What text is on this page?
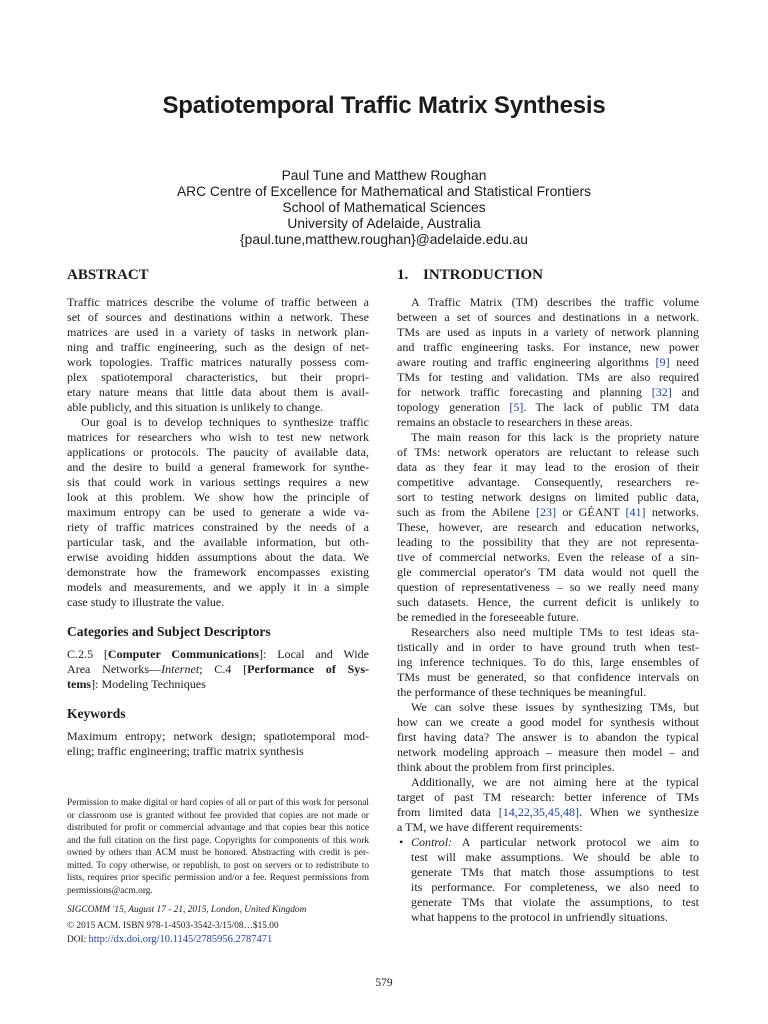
Spatiotemporal Traffic Matrix Synthesis
Paul Tune and Matthew Roughan
ARC Centre of Excellence for Mathematical and Statistical Frontiers
School of Mathematical Sciences
University of Adelaide, Australia
{paul.tune,matthew.roughan}@adelaide.edu.au
ABSTRACT
Traffic matrices describe the volume of traffic between a
set of sources and destinations within a network. These
matrices are used in a variety of tasks in network plan-
ning and traffic engineering, such as the design of net-
work topologies. Traffic matrices naturally possess com-
plex spatiotemporal characteristics, but their propri-
etary nature means that little data about them is avail-
able publicly, and this situation is unlikely to change.
Our goal is to develop techniques to synthesize traffic
matrices for researchers who wish to test new network
applications or protocols. The paucity of available data,
and the desire to build a general framework for synthe-
sis that could work in various settings requires a new
look at this problem. We show how the principle of
maximum entropy can be used to generate a wide va-
riety of traffic matrices constrained by the needs of a
particular task, and the available information, but oth-
erwise avoiding hidden assumptions about the data. We
demonstrate how the framework encompasses existing
models and measurements, and we apply it in a simple
case study to illustrate the value.
Categories and Subject Descriptors
C.2.5 [Computer Communications]: Local and Wide
Area Networks—Internet; C.4 [Performance of Sys-
tems]: Modeling Techniques
Keywords
Maximum entropy; network design; spatiotemporal mod-
eling; traffic engineering; traffic matrix synthesis
Permission to make digital or hard copies of all or part of this work for personal
or classroom use is granted without fee provided that copies are not made or
distributed for profit or commercial advantage and that copies bear this notice
and the full citation on the first page. Copyrights for components of this work
owned by others than ACM must be honored. Abstracting with credit is per-
mitted. To copy otherwise, or republish, to post on servers or to redistribute to
lists, requires prior specific permission and/or a fee. Request permissions from
permissions@acm.org.
SIGCOMM '15, August 17 - 21, 2015, London, United Kingdom
© 2015 ACM. ISBN 978-1-4503-3542-3/15/08…$15.00
DOI: http://dx.doi.org/10.1145/2785956.2787471
1. INTRODUCTION
A Traffic Matrix (TM) describes the traffic volume
between a set of sources and destinations in a network.
TMs are used as inputs in a variety of network planning
and traffic engineering tasks. For instance, new power
aware routing and traffic engineering algorithms [9] need
TMs for testing and validation. TMs are also required
for network traffic forecasting and planning [32] and
topology generation [5]. The lack of public TM data
remains an obstacle to researchers in these areas.
The main reason for this lack is the propriety nature
of TMs: network operators are reluctant to release such
data as they fear it may lead to the erosion of their
competitive advantage. Consequently, researchers re-
sort to testing network designs on limited public data,
such as from the Abilene [23] or GÉANT [41] networks.
These, however, are research and education networks,
leading to the possibility that they are not representa-
tive of commercial networks. Even the release of a sin-
gle commercial operator's TM data would not quell the
question of representativeness – so we really need many
such datasets. Hence, the current deficit is unlikely to
be remedied in the foreseeable future.
Researchers also need multiple TMs to test ideas sta-
tistically and in order to have ground truth when test-
ing inference techniques. To do this, large ensembles of
TMs must be generated, so that confidence intervals on
the performance of these techniques be meaningful.
We can solve these issues by synthesizing TMs, but
how can we create a good model for synthesis without
first having data? The answer is to abandon the typical
network modeling approach – measure then model – and
think about the problem from first principles.
Additionally, we are not aiming here at the typical
target of past TM research: better inference of TMs
from limited data [14,22,35,45,48]. When we synthesize
a TM, we have different requirements:
• Control: A particular network protocol we aim to
test will make assumptions. We should be able to
generate TMs that match those assumptions to test
its performance. For completeness, we also need to
generate TMs that violate the assumptions, to test
what happens to the protocol in unfriendly situations.
579
